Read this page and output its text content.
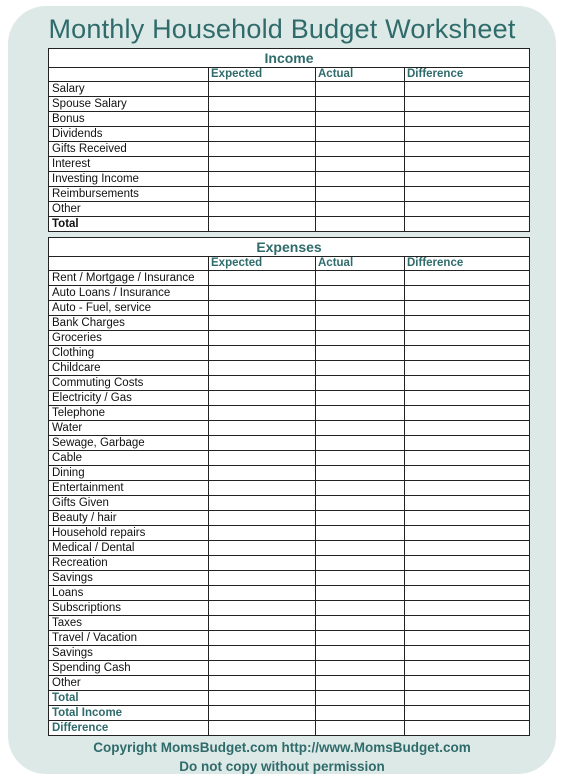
Monthly Household Budget Worksheet
Income			
	Expected	Actual	Difference
Salary			
Spouse Salary			
Bonus			
Dividends			
Gifts Received			
Interest			
Investing Income			
Reimbursements			
Other			
Total			
Expenses			
	Expected	Actual	Difference
Rent / Mortgage / Insurance			
Auto Loans / Insurance			
Auto - Fuel, service			
Bank Charges			
Groceries			
Clothing			
Childcare			
Commuting Costs			
Electricity / Gas			
Telephone			
Water			
Sewage, Garbage			
Cable			
Dining			
Entertainment			
Gifts Given			
Beauty / hair			
Household repairs			
Medical / Dental			
Recreation			
Savings			
Loans			
Subscriptions			
Taxes			
Travel / Vacation			
Savings			
Spending Cash			
Other			
Total			
Total Income			
Difference			
Copyright MomsBudget.com http://www.MomsBudget.com
Do not copy without permission
